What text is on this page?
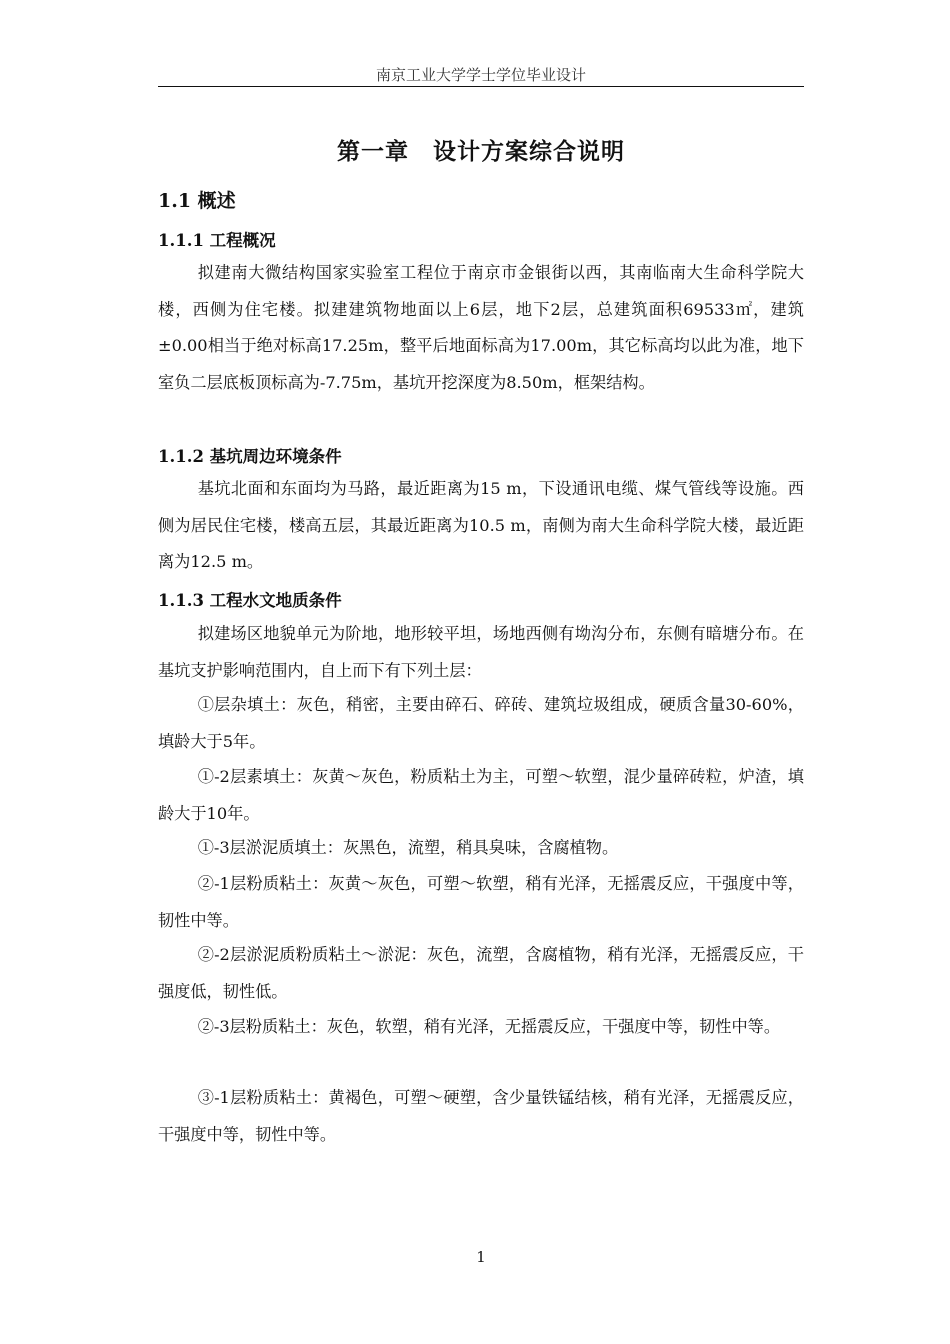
南京工业大学学士学位毕业设计
第一章　设计方案综合说明
1.1 概述
1.1.1 工程概况
拟建南大微结构国家实验室工程位于南京市金银街以西，其南临南大生命科学院大楼，西侧为住宅楼。拟建建筑物地面以上6层，地下2层，总建筑面积69533㎡，建筑±0.00相当于绝对标高17.25m，整平后地面标高为17.00m，其它标高均以此为准，地下室负二层底板顶标高为-7.75m，基坑开挖深度为8.50m，框架结构。
1.1.2 基坑周边环境条件
基坑北面和东面均为马路，最近距离为15 m，下设通讯电缆、煤气管线等设施。西侧为居民住宅楼，楼高五层，其最近距离为10.5 m，南侧为南大生命科学院大楼，最近距离为12.5 m。
1.1.3 工程水文地质条件
拟建场区地貌单元为阶地，地形较平坦，场地西侧有坳沟分布，东侧有暗塘分布。在基坑支护影响范围内，自上而下有下列土层：
①层杂填土：灰色，稍密，主要由碎石、碎砖、建筑垃圾组成，硬质含量30-60%，填龄大于5年。
①-2层素填土：灰黄～灰色，粉质粘土为主，可塑～软塑，混少量碎砖粒，炉渣，填龄大于10年。
①-3层淤泥质填土：灰黑色，流塑，稍具臭味，含腐植物。
②-1层粉质粘土：灰黄～灰色，可塑～软塑，稍有光泽，无摇震反应，干强度中等，韧性中等。
②-2层淤泥质粉质粘土～淤泥：灰色，流塑，含腐植物，稍有光泽，无摇震反应，干强度低，韧性低。
②-3层粉质粘土：灰色，软塑，稍有光泽，无摇震反应，干强度中等，韧性中等。
③-1层粉质粘土：黄褐色，可塑～硬塑，含少量铁锰结核，稍有光泽，无摇震反应，干强度中等，韧性中等。
1
